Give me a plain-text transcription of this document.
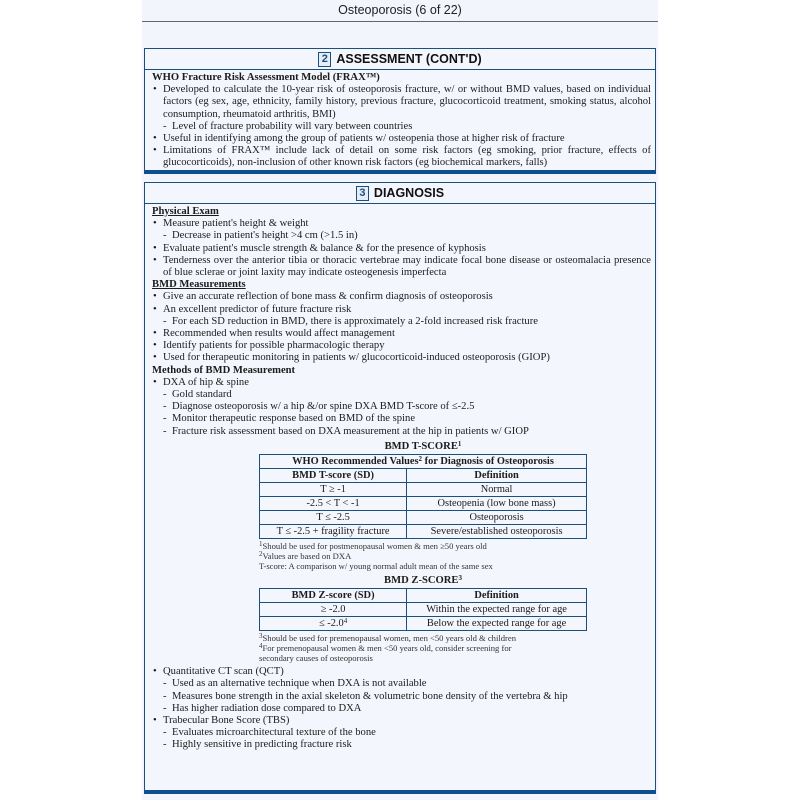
Osteoporosis (6 of 22)
2 ASSESSMENT (CONT'D)
WHO Fracture Risk Assessment Model (FRAX™)
• Developed to calculate the 10-year risk of osteoporosis fracture, w/ or without BMD values, based on individual factors (eg sex, age, ethnicity, family history, previous fracture, glucocorticoid treatment, smoking status, alcohol consumption, rheumatoid arthritis, BMI)
- Level of fracture probability will vary between countries
• Useful in identifying among the group of patients w/ osteopenia those at higher risk of fracture
• Limitations of FRAX™ include lack of detail on some risk factors (eg smoking, prior fracture, effects of glucocorticoids), non-inclusion of other known risk factors (eg biochemical markers, falls)
3 DIAGNOSIS
Physical Exam
• Measure patient's height & weight
- Decrease in patient's height >4 cm (>1.5 in)
• Evaluate patient's muscle strength & balance & for the presence of kyphosis
• Tenderness over the anterior tibia or thoracic vertebrae may indicate focal bone disease or osteomalacia presence of blue sclerae or joint laxity may indicate osteogenesis imperfecta
BMD Measurements
• Give an accurate reflection of bone mass & confirm diagnosis of osteoporosis
• An excellent predictor of future fracture risk
- For each SD reduction in BMD, there is approximately a 2-fold increased risk fracture
• Recommended when results would affect management
• Identify patients for possible pharmacologic therapy
• Used for therapeutic monitoring in patients w/ glucocorticoid-induced osteoporosis (GIOP)
Methods of BMD Measurement
• DXA of hip & spine
- Gold standard
- Diagnose osteoporosis w/ a hip &/or spine DXA BMD T-score of ≤-2.5
- Monitor therapeutic response based on BMD of the spine
- Fracture risk assessment based on DXA measurement at the hip in patients w/ GIOP
BMD T-SCORE$^1$
WHO Recommended Values$^2$ for Diagnosis of Osteoporosis	
BMD T-score (SD)	Definition
T ≥ -1	Normal
-2.5 < T < -1	Osteopenia (low bone mass)
T ≤ -2.5	Osteoporosis
T ≤ -2.5 + fragility fracture	Severe/established osteoporosis
$^1$Should be used for postmenopausal women & men ≥50 years old
$^2$Values are based on DXA
T-score: A comparison w/ young normal adult mean of the same sex
BMD Z-SCORE$^3$
BMD Z-score (SD)	Definition
≥ -2.0	Within the expected range for age
≤ $-2.0^4$	Below the expected range for age
$^3$Should be used for premenopausal women, men <50 years old & children
$^4$For premenopausal women & men <50 years old, consider screening for secondary causes of osteoporosis
• Quantitative CT scan (QCT)
- Used as an alternative technique when DXA is not available
- Measures bone strength in the axial skeleton & volumetric bone density of the vertebra & hip
- Has higher radiation dose compared to DXA
• Trabecular Bone Score (TBS)
- Evaluates microarchitectural texture of the bone
- Highly sensitive in predicting fracture risk
